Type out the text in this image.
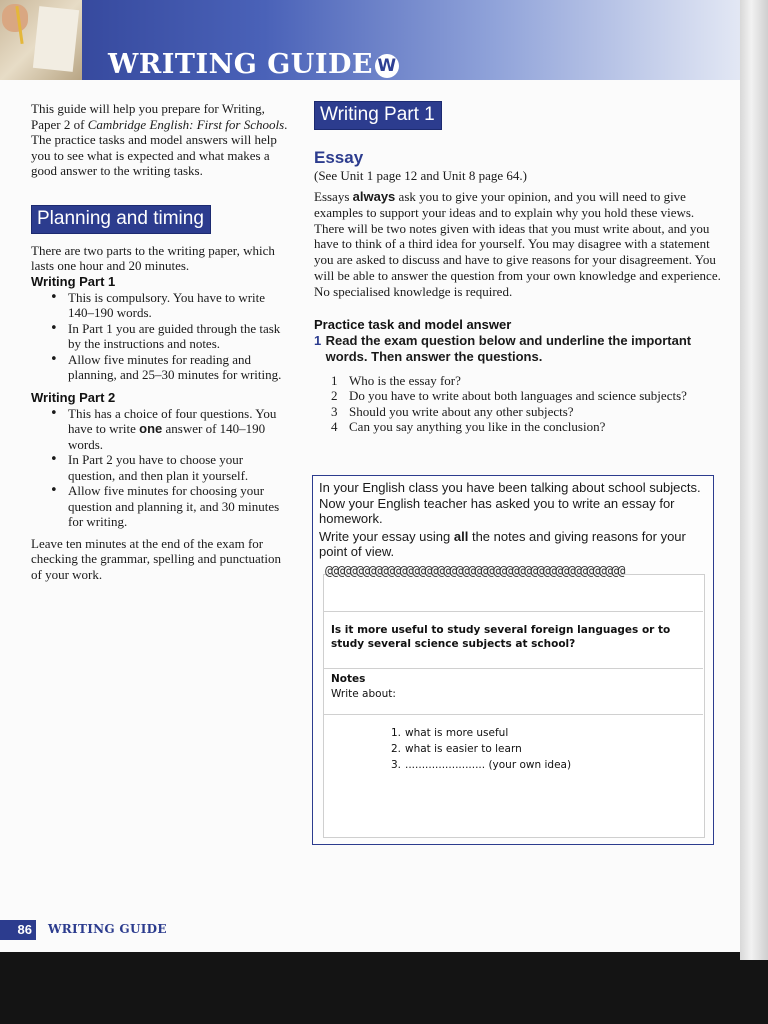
WRITING GUIDE W

This guide will help you prepare for Writing, Paper 2 of Cambridge English: First for Schools. The practice tasks and model answers will help you to see what is expected and what makes a good answer to the writing tasks.

Planning and timing

There are two parts to the writing paper, which lasts one hour and 20 minutes.

Writing Part 1

• This is compulsory. You have to write 140–190 words.
• In Part 1 you are guided through the task by the instructions and notes.
• Allow five minutes for reading and planning, and 25–30 minutes for writing.

Writing Part 2

• This has a choice of four questions. You have to write one answer of 140–190 words.
• In Part 2 you have to choose your question, and then plan it yourself.
• Allow five minutes for choosing your question and planning it, and 30 minutes for writing.

Leave ten minutes at the end of the exam for checking the grammar, spelling and punctuation of your work.

Writing Part 1

Essay

(See Unit 1 page 12 and Unit 8 page 64.)

Essays always ask you to give your opinion, and you will need to give examples to support your ideas and to explain why you hold these views. There will be two notes given with ideas that you must write about, and you have to think of a third idea for yourself. You may disagree with a statement you are asked to discuss and have to give reasons for your disagreement. You will be able to answer the question from your own knowledge and experience. No specialised knowledge is required.

Practice task and model answer

1 Read the exam question below and underline the important words. Then answer the questions.
1 Who is the essay for?
2 Do you have to write about both languages and science subjects?
3 Should you write about any other subjects?
4 Can you say anything you like in the conclusion?
In your English class you have been talking about school subjects. Now your English teacher has asked you to write an essay for homework.
Write your essay using all the notes and giving reasons for your point of view.
@@@@@@@@@@@@@@@@@@@@@@@@@@@@@@@@@@@@@@@@@@@@@@@@
Is it more useful to study several foreign languages or to study several science subjects at school?
Notes
Write about:
1. what is more useful
2. what is easier to learn
3. ........................ (your own idea)
86	WRITING GUIDE
